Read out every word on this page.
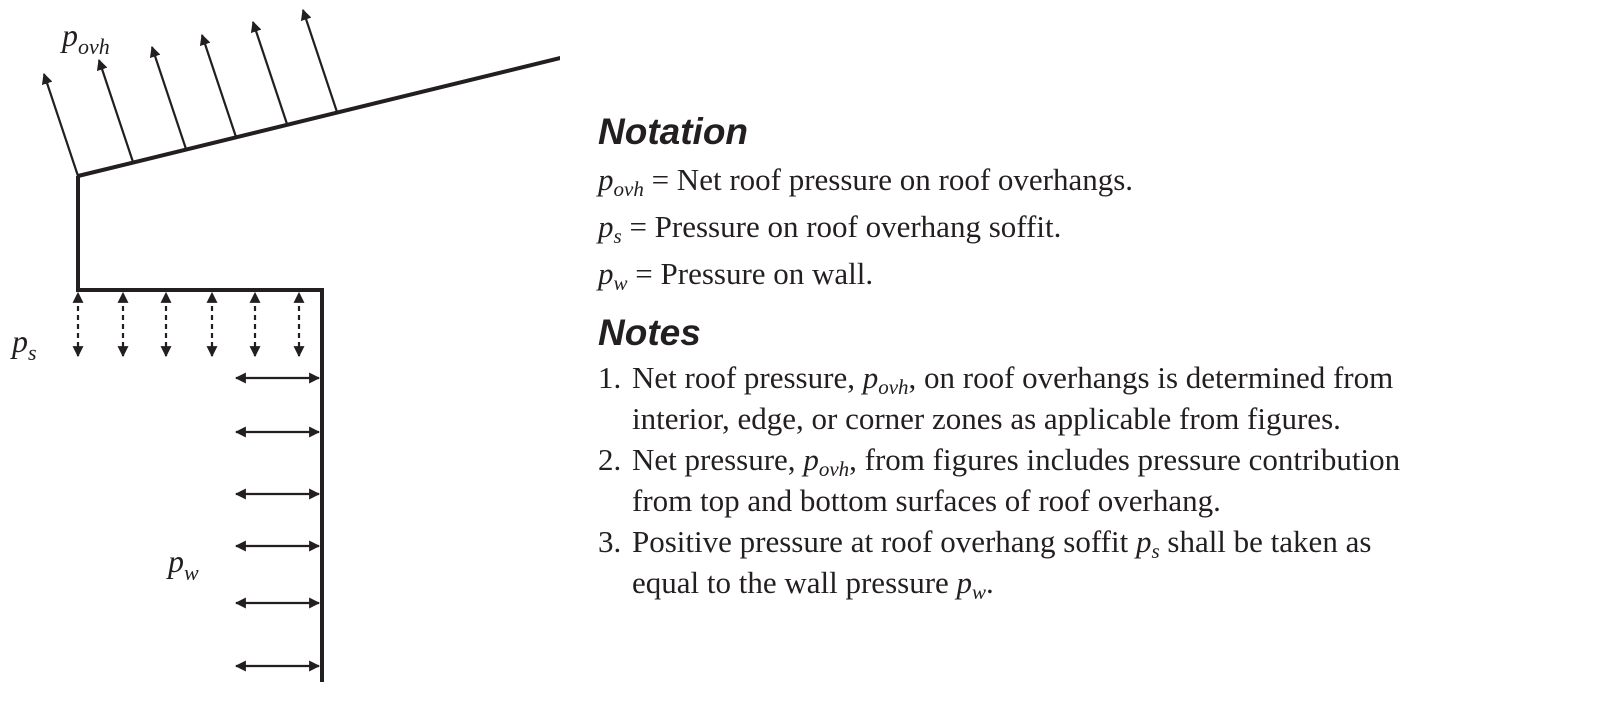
$p_{ovh}$
$p_s$
$p_w$
Notation

$p_{ovh}$ = Net roof pressure on roof overhangs.

$p_s$ = Pressure on roof overhang soffit.

$p_w$ = Pressure on wall.

Notes

1. Net roof pressure, $p_{ovh}$, on roof overhangs is determined from

interior, edge, or corner zones as applicable from figures.

2. Net pressure, $p_{ovh}$, from figures includes pressure contribution

from top and bottom surfaces of roof overhang.

3. Positive pressure at roof overhang soffit $p_s$ shall be taken as

equal to the wall pressure $p_w$.
